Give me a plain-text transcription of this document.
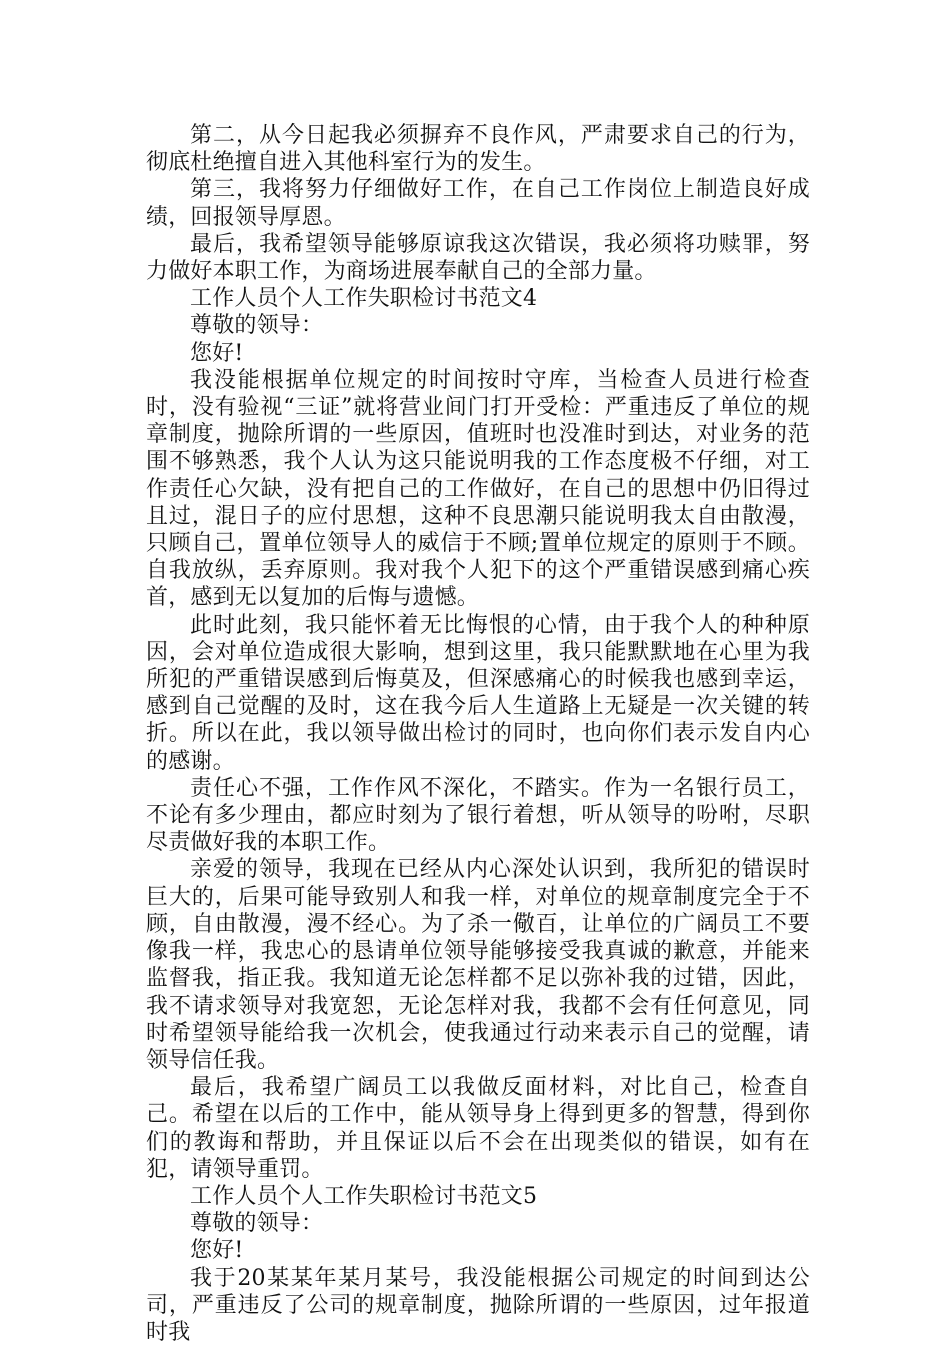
第二，从今日起我必须摒弃不良作风，严肃要求自己的行为，彻底杜绝擅自进入其他科室行为的发生。

第三，我将努力仔细做好工作，在自己工作岗位上制造良好成绩，回报领导厚恩。

最后，我希望领导能够原谅我这次错误，我必须将功赎罪，努力做好本职工作，为商场进展奉献自己的全部力量。

工作人员个人工作失职检讨书范文4

尊敬的领导：

您好!

我没能根据单位规定的时间按时守库，当检查人员进行检查时，没有验视“三证”就将营业间门打开受检：严重违反了单位的规章制度，抛除所谓的一些原因，值班时也没准时到达，对业务的范围不够熟悉，我个人认为这只能说明我的工作态度极不仔细，对工作责任心欠缺，没有把自己的工作做好，在自己的思想中仍旧得过且过，混日子的应付思想，这种不良思潮只能说明我太自由散漫，只顾自己，置单位领导人的威信于不顾;置单位规定的原则于不顾。自我放纵，丢弃原则。我对我个人犯下的这个严重错误感到痛心疾首，感到无以复加的后悔与遗憾。

此时此刻，我只能怀着无比悔恨的心情，由于我个人的种种原因，会对单位造成很大影响，想到这里，我只能默默地在心里为我所犯的严重错误感到后悔莫及，但深感痛心的时候我也感到幸运，感到自己觉醒的及时，这在我今后人生道路上无疑是一次关键的转折。所以在此，我以领导做出检讨的同时，也向你们表示发自内心的感谢。

责任心不强，工作作风不深化，不踏实。作为一名银行员工，不论有多少理由，都应时刻为了银行着想，听从领导的吩咐，尽职尽责做好我的本职工作。

亲爱的领导，我现在已经从内心深处认识到，我所犯的错误时巨大的，后果可能导致别人和我一样，对单位的规章制度完全于不顾，自由散漫，漫不经心。为了杀一儆百，让单位的广阔员工不要像我一样，我忠心的恳请单位领导能够接受我真诚的歉意，并能来监督我，指正我。我知道无论怎样都不足以弥补我的过错，因此，我不请求领导对我宽恕，无论怎样对我，我都不会有任何意见，同时希望领导能给我一次机会，使我通过行动来表示自己的觉醒，请领导信任我。

最后，我希望广阔员工以我做反面材料，对比自己，检查自己。希望在以后的工作中，能从领导身上得到更多的智慧，得到你们的教诲和帮助，并且保证以后不会在出现类似的错误，如有在犯，请领导重罚。

工作人员个人工作失职检讨书范文5

尊敬的领导：

您好!

我于20某某年某月某号，我没能根据公司规定的时间到达公司，严重违反了公司的规章制度，抛除所谓的一些原因，过年报道时我
